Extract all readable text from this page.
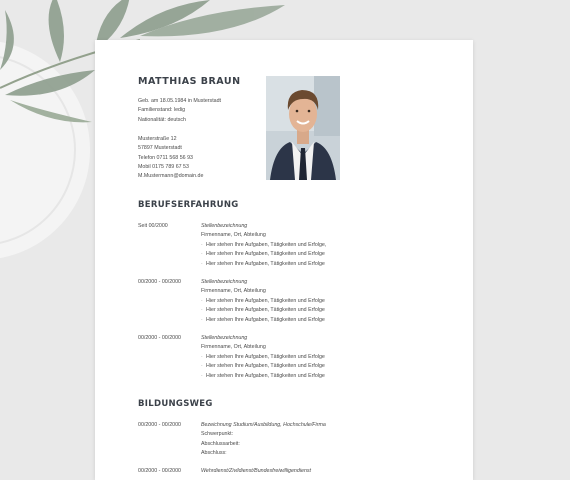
MATTHIAS BRAUN
Geb. am 18.05.1984 in Musterstadt
Familienstand: ledig
Nationalität: deutsch
Musterstraße 12
57897 Musterstadt
Telefon 0711 568 56 93
Mobil 0175 789 67 53
M.Mustermann@domain.de
BERUFSERFAHRUNG
Seit 00/2000	Stellenbezeichnung
Firmenname, Ort, Abteilung
· Hier stehen Ihre Aufgaben, Tätigkeiten und Erfolge,
· Hier stehen Ihre Aufgaben, Tätigkeiten und Erfolge
· Hier stehen Ihre Aufgaben, Tätigkeiten und Erfolge
00/2000 - 00/2000	Stellenbezeichnung
Firmenname, Ort, Abteilung
· Hier stehen Ihre Aufgaben, Tätigkeiten und Erfolge
· Hier stehen Ihre Aufgaben, Tätigkeiten und Erfolge
· Hier stehen Ihre Aufgaben, Tätigkeiten und Erfolge
00/2000 - 00/2000	Stellenbezeichnung
Firmenname, Ort, Abteilung
· Hier stehen Ihre Aufgaben, Tätigkeiten und Erfolge
· Hier stehen Ihre Aufgaben, Tätigkeiten und Erfolge
· Hier stehen Ihre Aufgaben, Tätigkeiten und Erfolge
BILDUNGSWEG
00/2000 - 00/2000	Bezeichnung Studium/Ausbildung, Hochschule/Firma
Schwerpunkt:
Abschlussarbeit:
Abschluss:
00/2000 - 00/2000	Wehrdienst/Zivildienst/Bundesfreiwilligendienst
